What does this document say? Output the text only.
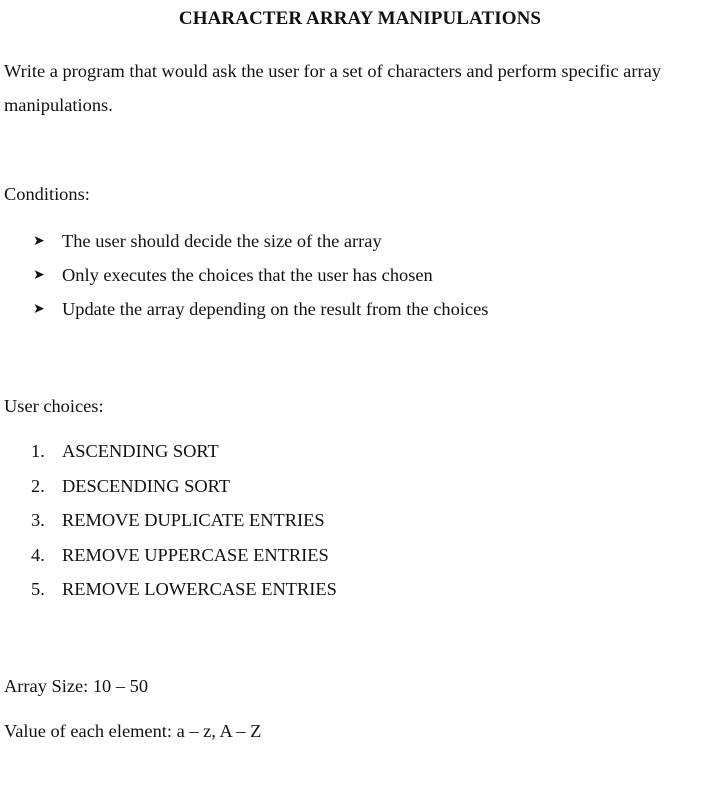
CHARACTER ARRAY MANIPULATIONS
Write a program that would ask the user for a set of characters and perform specific array manipulations.
Conditions:
➤ The user should decide the size of the array
➤ Only executes the choices that the user has chosen
➤ Update the array depending on the result from the choices
User choices:
1. ASCENDING SORT
2. DESCENDING SORT
3. REMOVE DUPLICATE ENTRIES
4. REMOVE UPPERCASE ENTRIES
5. REMOVE LOWERCASE ENTRIES
Array Size: 10 – 50
Value of each element: a – z, A – Z
